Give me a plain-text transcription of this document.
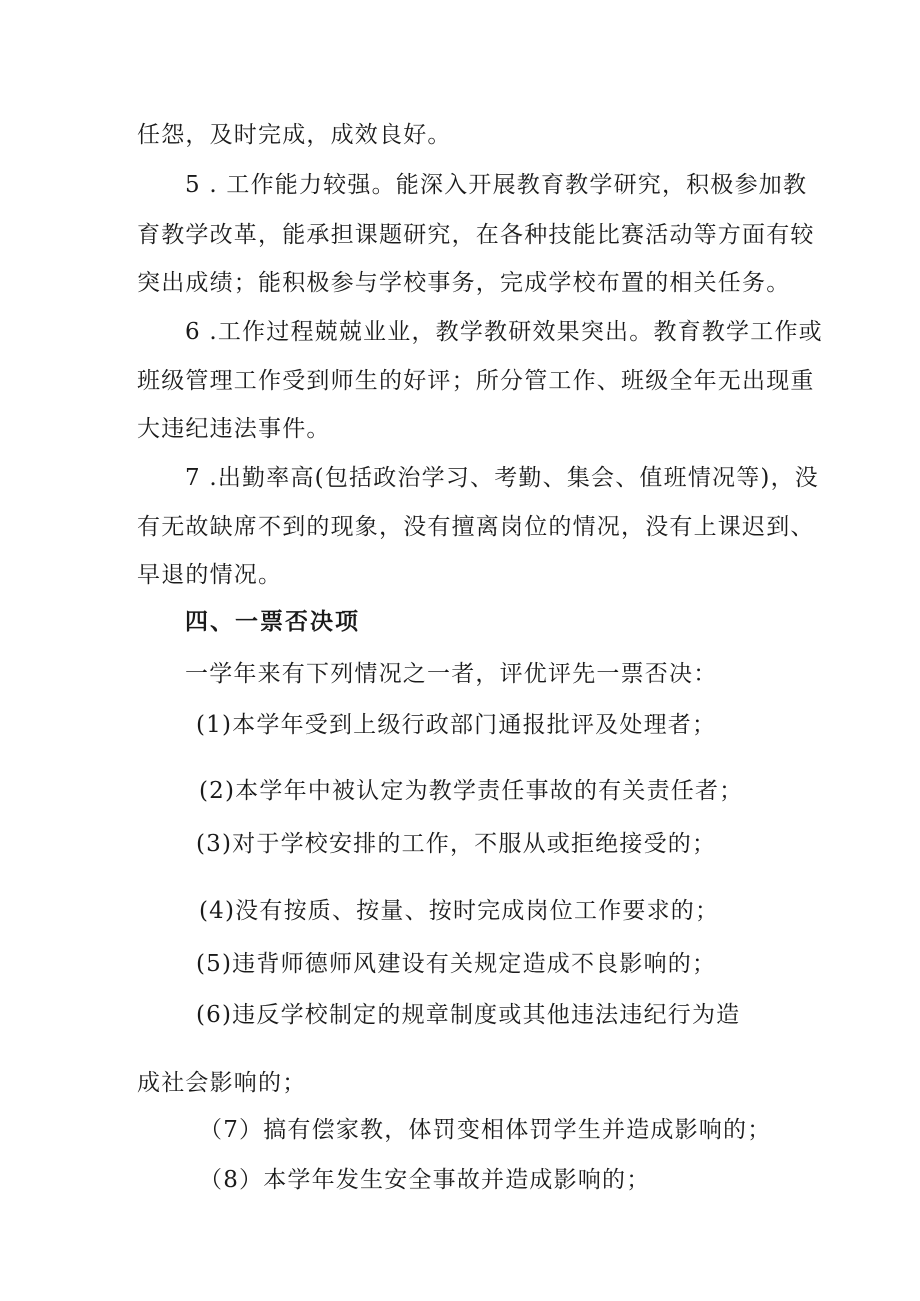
任怨，及时完成，成效良好。
5 . 工作能力较强。能深入开展教育教学研究，积极参加教
育教学改革，能承担课题研究，在各种技能比赛活动等方面有较
突出成绩；能积极参与学校事务，完成学校布置的相关任务。
6 .工作过程兢兢业业，教学教研效果突出。教育教学工作或
班级管理工作受到师生的好评；所分管工作、班级全年无出现重
大违纪违法事件。
7 .出勤率高(包括政治学习、考勤、集会、值班情况等)，没
有无故缺席不到的现象，没有擅离岗位的情况，没有上课迟到、
早退的情况。
四、一票否决项
一学年来有下列情况之一者，评优评先一票否决：
(1)本学年受到上级行政部门通报批评及处理者；
(2)本学年中被认定为教学责任事故的有关责任者；
(3)对于学校安排的工作，不服从或拒绝接受的；
(4)没有按质、按量、按时完成岗位工作要求的；
(5)违背师德师风建设有关规定造成不良影响的；
(6)违反学校制定的规章制度或其他违法违纪行为造
成社会影响的；
（7）搞有偿家教，体罚变相体罚学生并造成影响的；
（8）本学年发生安全事故并造成影响的；
